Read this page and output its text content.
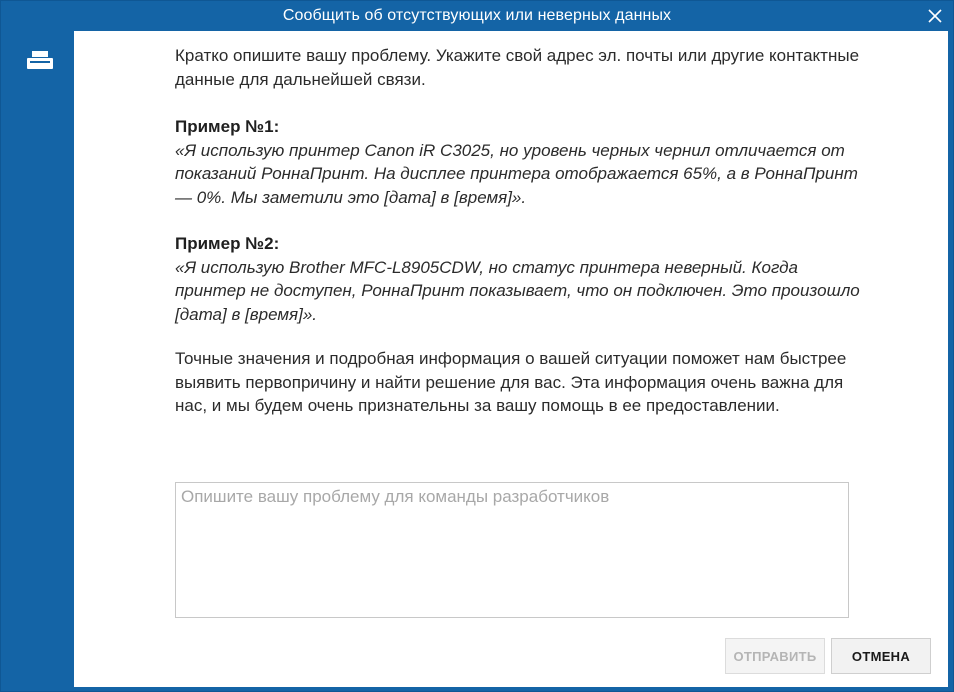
Сообщить об отсутствующих или неверных данных
Кратко опишите вашу проблему. Укажите свой адрес эл. почты или другие контактные данные для дальнейшей связи.
Пример №1:
«Я использую принтер Canon iR C3025, но уровень черных чернил отличается от показаний РоннаПринт. На дисплее принтера отображается 65%, а в РоннаПринт — 0%. Мы заметили это [дата] в [время]».
Пример №2:
«Я использую Brother MFC-L8905CDW, но статус принтера неверный. Когда принтер не доступен, РоннаПринт показывает, что он подключен. Это произошло [дата] в [время]».
Точные значения и подробная информация о вашей ситуации поможет нам быстрее выявить первопричину и найти решение для вас. Эта информация очень важна для нас, и мы будем очень признательны за вашу помощь в ее предоставлении.
Опишите вашу проблему для команды разработчиков
ОТПРАВИТЬ	ОТМЕНА
